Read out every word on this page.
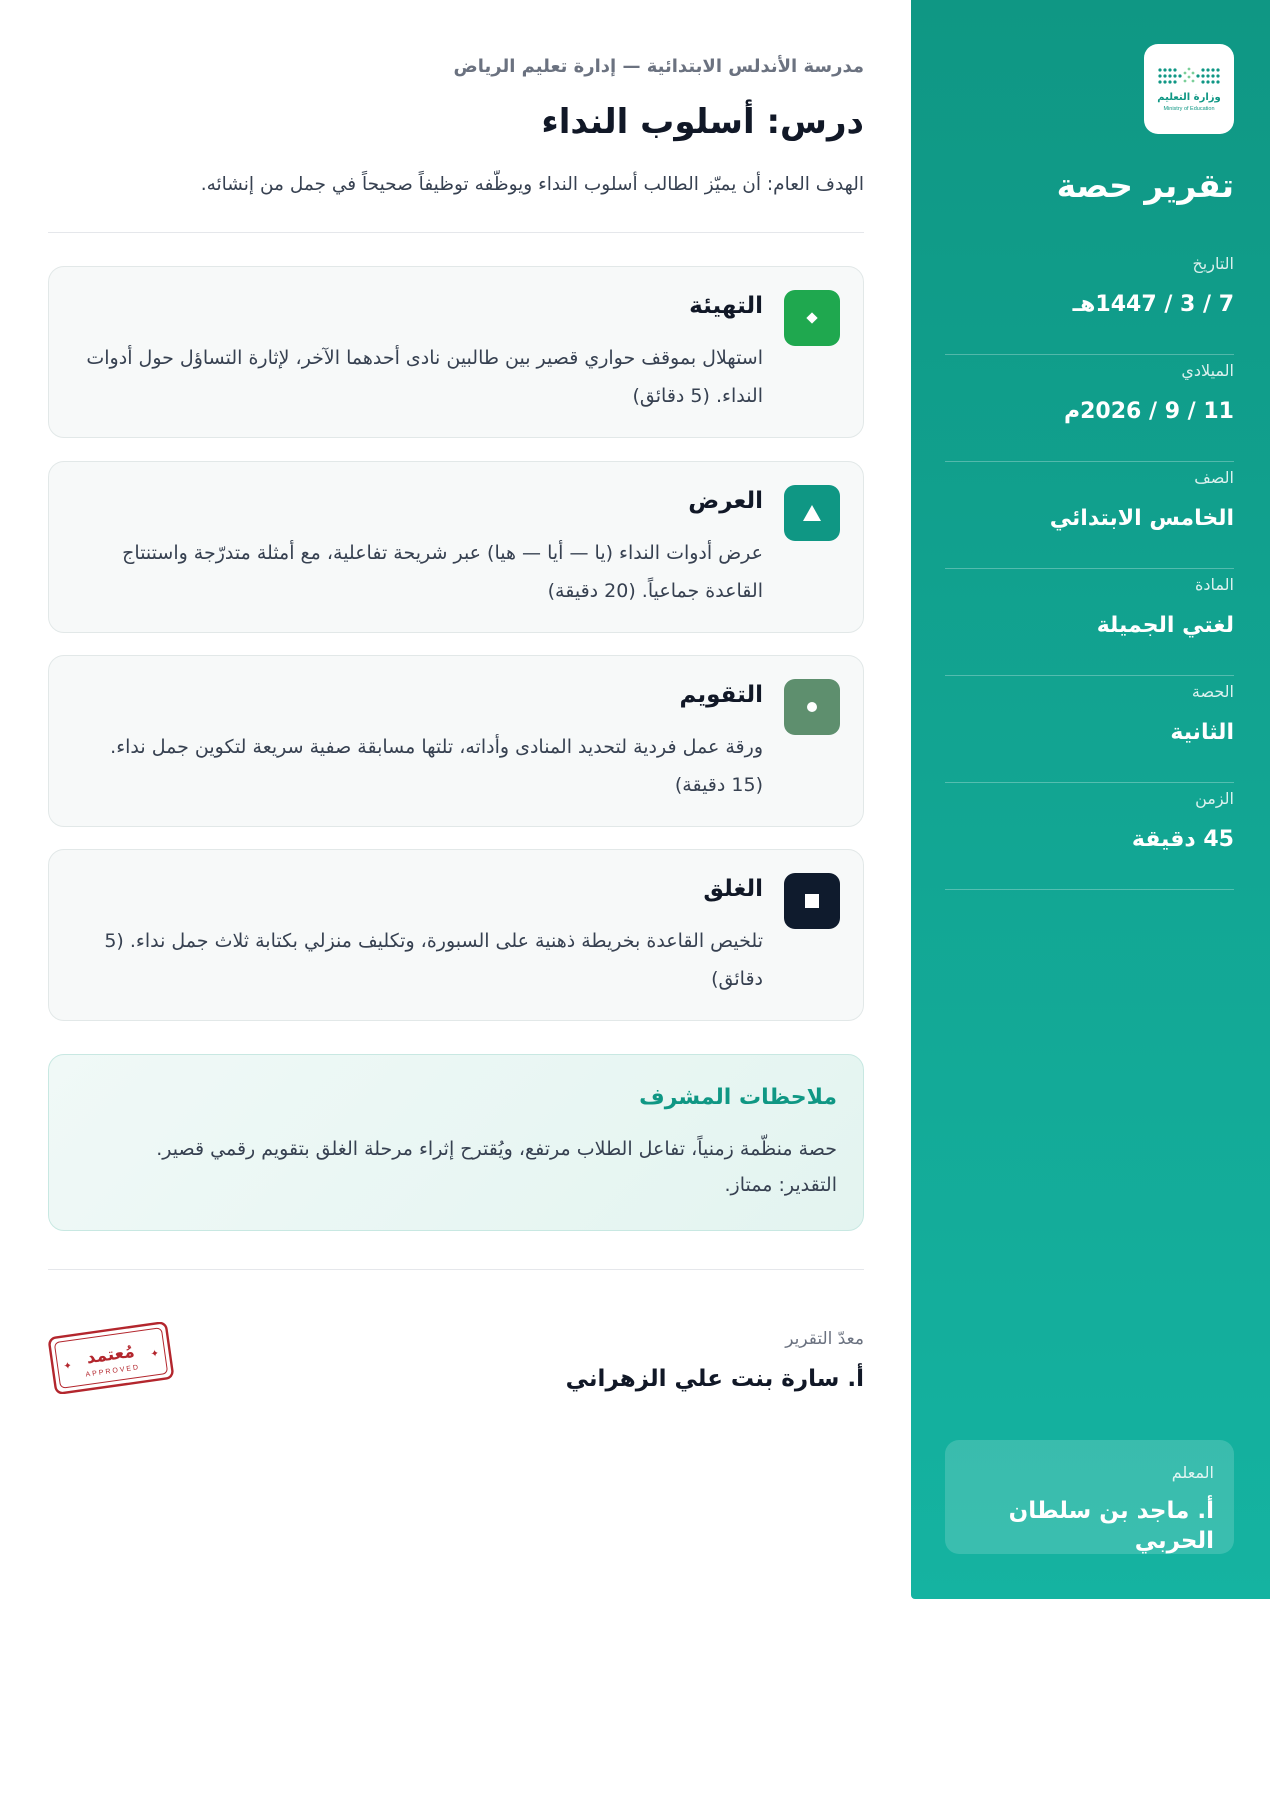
وزارة التعليم
Ministry of Education
تقرير حصة
التاريخ
7 / 3 / 1447هـ
الميلادي
11 / 9 / 2026م
الصف
الخامس الابتدائي
المادة
لغتي الجميلة
الحصة
الثانية
الزمن
45 دقيقة
المعلم
أ. ماجد بن سلطان الحربي
مدرسة الأندلس الابتدائية — إدارة تعليم الرياض
درس: أسلوب النداء

الهدف العام: أن يميّز الطالب أسلوب النداء ويوظّفه توظيفاً صحيحاً في جمل من إنشائه.

التهيئة

استهلال بموقف حواري قصير بين طالبين نادى أحدهما الآخر، لإثارة التساؤل حول أدوات النداء. (5 دقائق)

العرض

عرض أدوات النداء (يا — أيا — هيا) عبر شريحة تفاعلية، مع أمثلة متدرّجة واستنتاج القاعدة جماعياً. (20 دقيقة)

التقويم

ورقة عمل فردية لتحديد المنادى وأداته، تلتها مسابقة صفية سريعة لتكوين جمل نداء. (15 دقيقة)

الغلق

تلخيص القاعدة بخريطة ذهنية على السبورة، وتكليف منزلي بكتابة ثلاث جمل نداء. (5 دقائق)

ملاحظات المشرف
حصة منظّمة زمنياً، تفاعل الطلاب مرتفع، ويُقترح إثراء مرحلة الغلق بتقويم رقمي قصير.
التقدير: ممتاز.
معدّ التقرير
أ. سارة بنت علي الزهراني
مُعتمد
APPROVED
✦
✦
